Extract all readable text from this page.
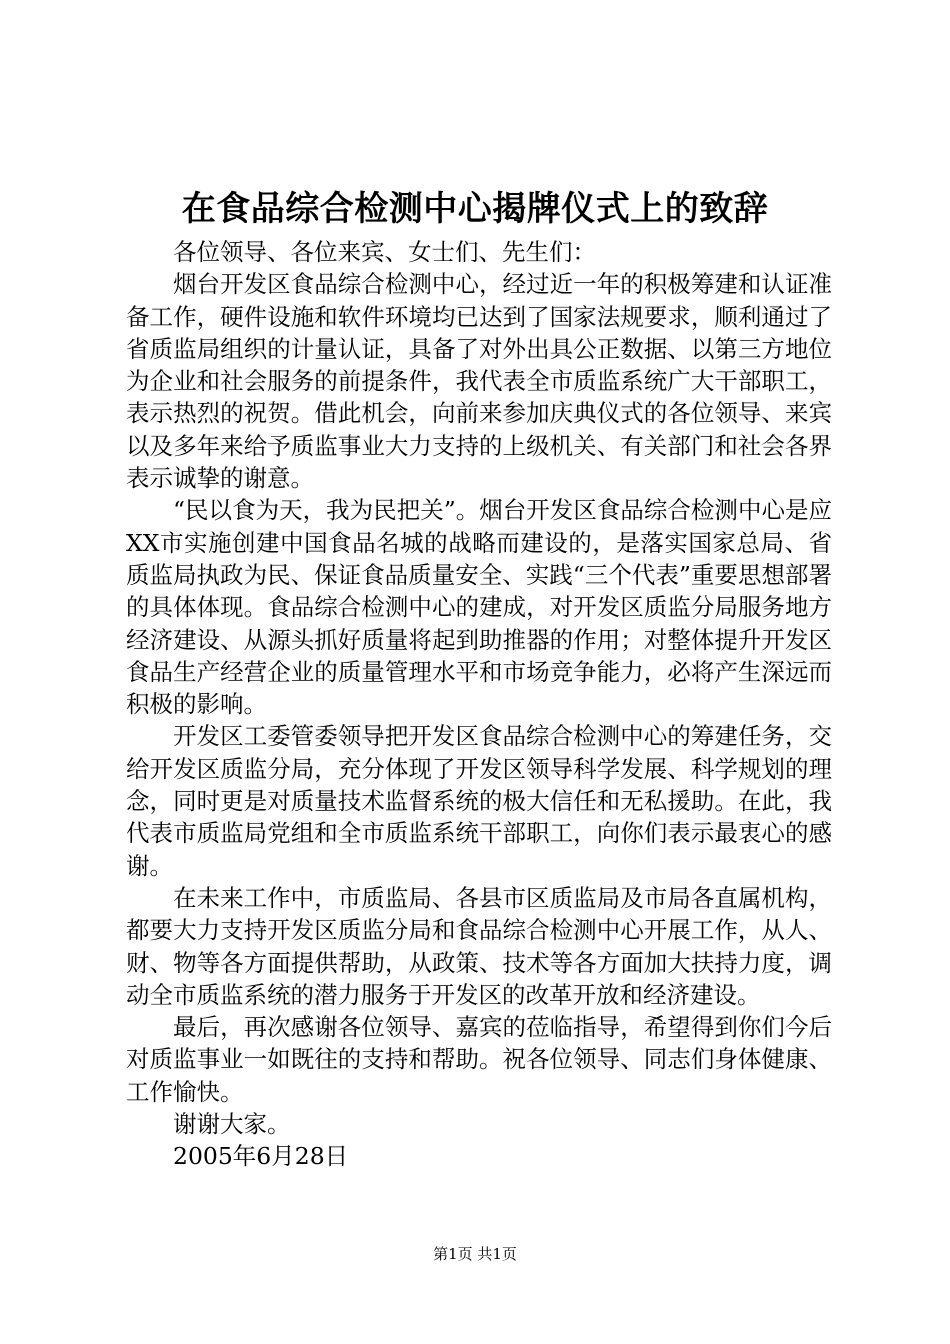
在食品综合检测中心揭牌仪式上的致辞

各位领导、各位来宾、女士们、先生们：

烟台开发区食品综合检测中心，经过近一年的积极筹建和认证准备工作，硬件设施和软件环境均已达到了国家法规要求，顺利通过了省质监局组织的计量认证，具备了对外出具公正数据、以第三方地位为企业和社会服务的前提条件，我代表全市质监系统广大干部职工，表示热烈的祝贺。借此机会，向前来参加庆典仪式的各位领导、来宾以及多年来给予质监事业大力支持的上级机关、有关部门和社会各界表示诚挚的谢意。

“民以食为天，我为民把关”。烟台开发区食品综合检测中心是应XX市实施创建中国食品名城的战略而建设的，是落实国家总局、省质监局执政为民、保证食品质量安全、实践“三个代表”重要思想部署的具体体现。食品综合检测中心的建成，对开发区质监分局服务地方经济建设、从源头抓好质量将起到助推器的作用；对整体提升开发区食品生产经营企业的质量管理水平和市场竞争能力，必将产生深远而积极的影响。

开发区工委管委领导把开发区食品综合检测中心的筹建任务，交给开发区质监分局，充分体现了开发区领导科学发展、科学规划的理念，同时更是对质量技术监督系统的极大信任和无私援助。在此，我代表市质监局党组和全市质监系统干部职工，向你们表示最衷心的感谢。

在未来工作中，市质监局、各县市区质监局及市局各直属机构，都要大力支持开发区质监分局和食品综合检测中心开展工作，从人、财、物等各方面提供帮助，从政策、技术等各方面加大扶持力度，调动全市质监系统的潜力服务于开发区的改革开放和经济建设。

最后，再次感谢各位领导、嘉宾的莅临指导，希望得到你们今后对质监事业一如既往的支持和帮助。祝各位领导、同志们身体健康、工作愉快。

谢谢大家。

2005年6月28日

第1页 共1页
